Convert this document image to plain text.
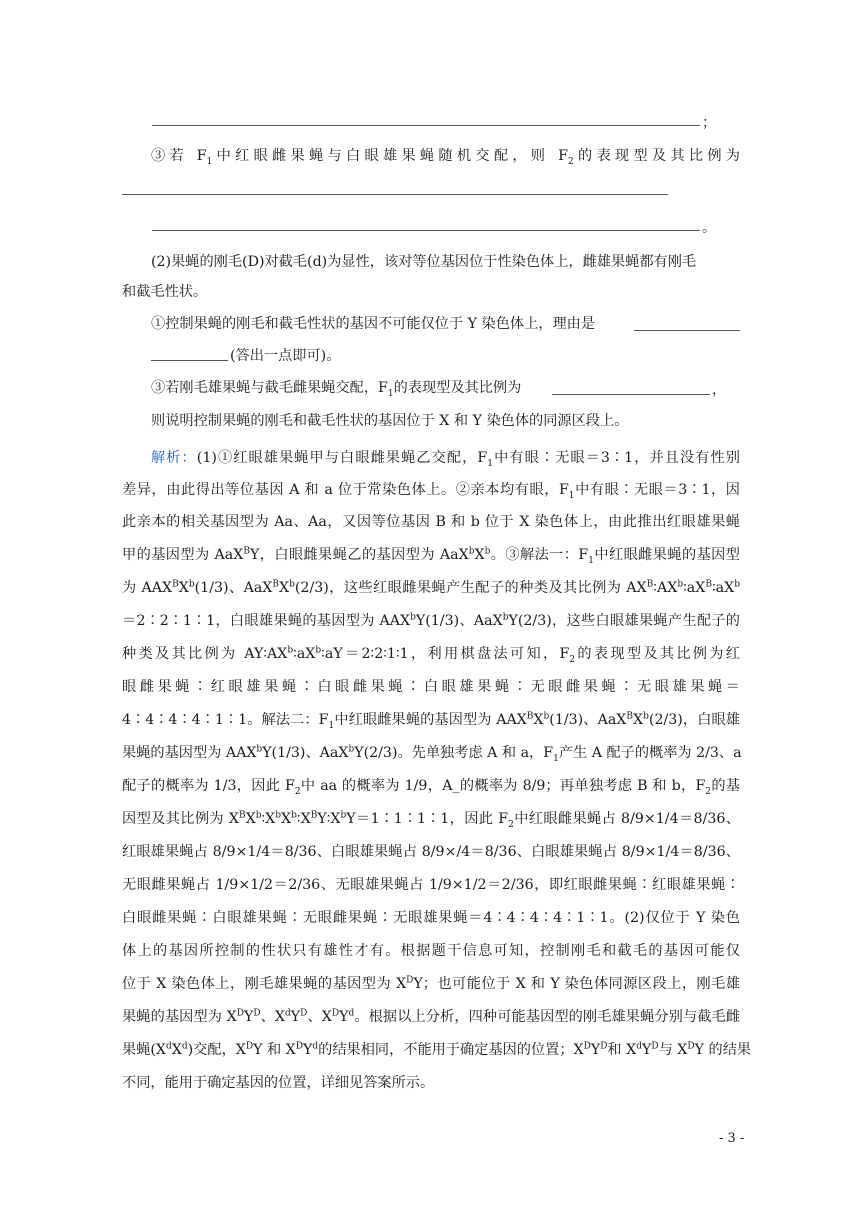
；
③若 $F_1$中红眼雌果蝇与白眼雄果蝇随机交配，则 $F_2$的表现型及其比例为
。
(2)果蝇的刚毛(D)对截毛(d)为显性，该对等位基因位于性染色体上，雌雄果蝇都有刚毛
和截毛性状。
①控制果蝇的刚毛和截毛性状的基因不可能仅位于 Y 染色体上，理由是
(答出一点即可)。
③若刚毛雄果蝇与截毛雌果蝇交配，$F_1$的表现型及其比例为	，
则说明控制果蝇的刚毛和截毛性状的基因位于 X 和 Y 染色体的同源区段上。
解析：(1)①红眼雄果蝇甲与白眼雌果蝇乙交配，$F_1$中有眼∶无眼＝3∶1，并且没有性别
差异，由此得出等位基因 A 和 a 位于常染色体上。②亲本均有眼，$F_1$中有眼∶无眼＝3∶1，因
此亲本的相关基因型为 Aa、Aa，又因等位基因 B 和 b 位于 X 染色体上，由此推出红眼雄果蝇
甲的基因型为 AaX$^B$Y，白眼雌果蝇乙的基因型为 $AaX^bX^b$。③解法一：$F_1$中红眼雌果蝇的基因型
为 $AAX^BX^b(1/3)$、$AaX^BX^b(2/3)$，这些红眼雌果蝇产生配子的种类及其比例为 $AX^B∶AX^b∶aX^B∶aX^b$
＝2∶2∶1∶1，白眼雄果蝇的基因型为 AAX$^b$Y(1/3)、AaX$^b$Y(2/3)，这些白眼雄果蝇产生配子的
种类及其比例为 $AY∶AX^b∶aX^b∶aY=2∶2∶1∶1$，利用棋盘法可知，$F_2$的表现型及其比例为红
眼雌果蝇∶红眼雄果蝇∶白眼雌果蝇∶白眼雄果蝇∶无眼雌果蝇∶无眼雄果蝇＝
4∶4∶4∶4∶1∶1。解法二：$F_1$中红眼雌果蝇的基因型为 $AAX^BX^b(1/3)$、$AaX^BX^b(2/3)$，白眼雄
果蝇的基因型为 AAX$^b$Y(1/3)、AaX$^b$Y(2/3)。先单独考虑 A 和 a，$F_1$产生 A 配子的概率为 2/3、a
配子的概率为 1/3，因此 $F_2$中 aa 的概率为 1/9，A_的概率为 8/9；再单独考虑 B 和 b，$F_2$的基
因型及其比例为 $X^BX^b∶X^bX^b∶X^BY∶X^bY=1∶1∶1∶1$，因此 $F_2$中红眼雌果蝇占 8/9×1/4＝8/36、
红眼雄果蝇占 8/9×1/4＝8/36、白眼雄果蝇占 8/9×/4＝8/36、白眼雄果蝇占 8/9×1/4＝8/36、
无眼雌果蝇占 1/9×1/2＝2/36、无眼雄果蝇占 1/9×1/2＝2/36，即红眼雌果蝇∶红眼雄果蝇∶
白眼雌果蝇∶白眼雄果蝇∶无眼雌果蝇∶无眼雄果蝇＝4∶4∶4∶4∶1∶1。(2)仅位于 Y 染色
体上的基因所控制的性状只有雄性才有。根据题干信息可知，控制刚毛和截毛的基因可能仅
位于 X 染色体上，刚毛雄果蝇的基因型为 $X^DY$；也可能位于 X 和 Y 染色体同源区段上，刚毛雄
果蝇的基因型为 $X^DY^D$、$X^dY^D$、$X^DY^d$。根据以上分析，四种可能基因型的刚毛雄果蝇分别与截毛雌
果蝇$(X^dX^d)$交配，$X^DY$ 和 $X^DY^d$的结果相同，不能用于确定基因的位置；$X^DY^D$和 $X^dY^D$与 $X^DY$ 的结果
不同，能用于确定基因的位置，详细见答案所示。
- 3 -
